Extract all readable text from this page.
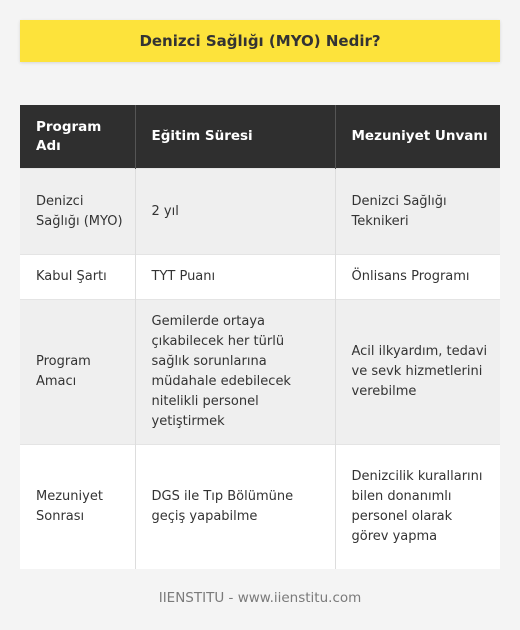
Denizci Sağlığı (MYO) Nedir?
Program Adı	Eğitim Süresi	Mezuniyet Unvanı
Denizci Sağlığı (MYO)	2 yıl	Denizci Sağlığı Teknikeri
Kabul Şartı	TYT Puanı	Önlisans Programı
Program Amacı	Gemilerde ortaya çıkabilecek her türlü sağlık sorunlarına müdahale edebilecek nitelikli personel yetiştirmek	Acil ilkyardım, tedavi ve sevk hizmetlerini verebilme
Mezuniyet Sonrası	DGS ile Tıp Bölümüne geçiş yapabilme	Denizcilik kurallarını bilen donanımlı personel olarak görev yapma
IIENSTITU - www.iienstitu.com
